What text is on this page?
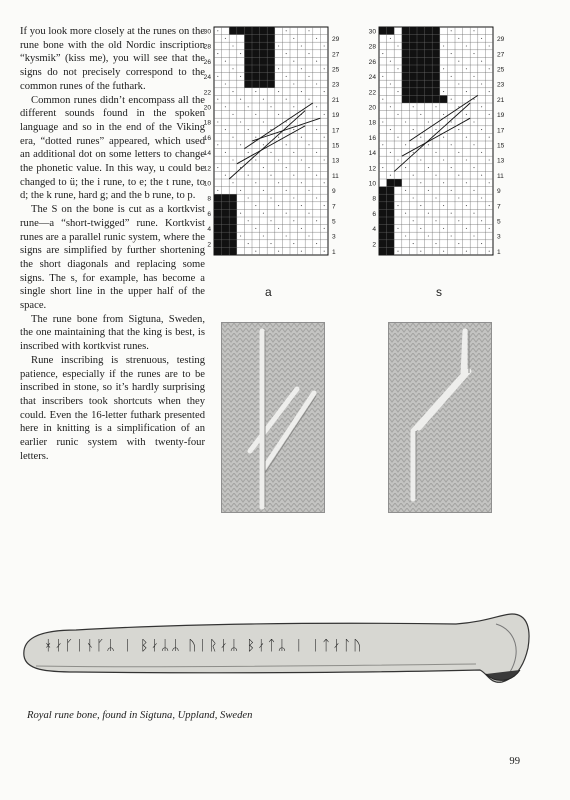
If you look more closely at the runes on the rune bone with the old Nordic inscription “kysmik” (kiss me), you will see that the signs do not precisely correspond to the common runes of the futhark.

Common runes didn’t encompass all the different sounds found in the spoken language and so in the end of the Viking era, “dotted runes” appeared, which used an additional dot on some letters to change the phonetic value. In this way, u could be changed to ü; the i rune, to e; the t rune, to d; the k rune, hard g; and the b rune, to p.

The S on the bone is cut as a kortkvist rune—a “short-twigged” rune. Kortkvist runes are a parallel runic system, where the signs are simplified by further shortening the short diagonals and replacing some signs. The s, for example, has become a single short line in the upper half of the space.

The rune bone from Sigtuna, Sweden, the one maintaining that the king is best, is inscribed with kortkvist runes.

Rune inscribing is strenuous, testing patience, especially if the runes are to be inscribed in stone, so it’s hardly surprising that inscribers took shortcuts when they could. Even the 16-letter futhark presented here in knitting is a simplification of an earlier runic system with twenty-four letters.

30
28
26
24
22
20
18
16
14
12
10
8
6
4
2
29
27
25
23
21
19
17
15
13
11
9
7
5
3
1
a
30
28
26
24
22
20
18
16
14
12
10
8
6
4
2
29
27
25
23
21
19
17
15
13
11
9
7
5
3
1
s
ᚼᛅᚴᛁᚾᚴᛦ ᛁ ᛒᛅᛦᛦ ᚢᛁᚱᛅᛦ ᛒᛅᛏᛦ ᛁ ᛁᛏᛅᛚᚢ
Royal rune bone, found in Sigtuna, Uppland, Sweden
99
